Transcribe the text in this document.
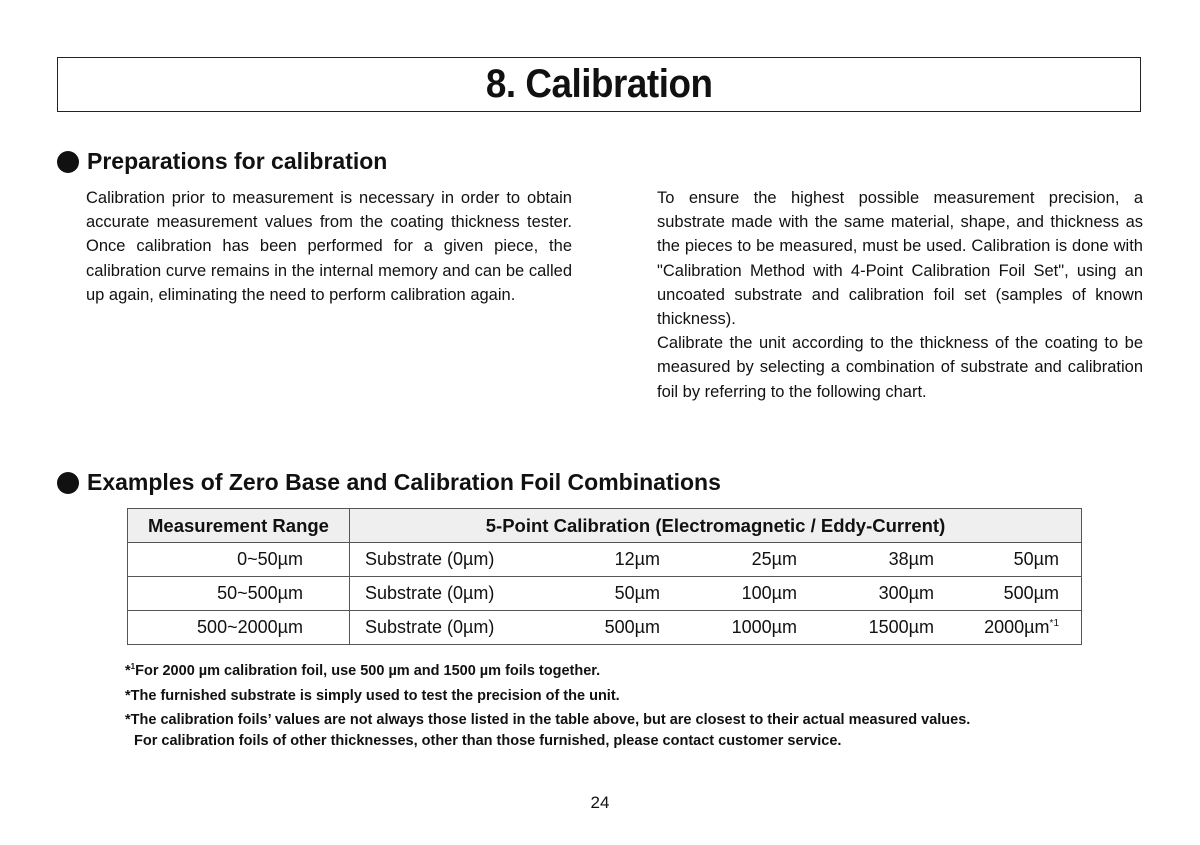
8. Calibration
Preparations for calibration

Calibration prior to measurement is necessary in order to obtain accurate measurement values from the coating thickness tester. Once calibration has been performed for a given piece, the calibration curve remains in the internal memory and can be called up again, eliminating the need to perform calibration again.

To ensure the highest possible measurement precision, a substrate made with the same material, shape, and thickness as the pieces to be measured, must be used. Calibration is done with "Calibration Method with 4-Point Calibration Foil Set", using an uncoated substrate and calibration foil set (samples of known thickness).

Calibrate the unit according to the thickness of the coating to be measured by selecting a combination of substrate and calibration foil by referring to the following chart.

Examples of Zero Base and Calibration Foil Combinations
Measurement Range	5-Point Calibration (Electromagnetic / Eddy-Current)
0~50µm	Substrate (0µm) 12µm 25µm 38µm 50µm

50~500µm	Substrate (0µm) 50µm 100µm 300µm 500µm

500~2000µm	Substrate (0µm) 500µm 1000µm 1500µm 2000µm$^{*1}$
*$^1$For 2000 µm calibration foil, use 500 µm and 1500 µm foils together.
*The furnished substrate is simply used to test the precision of the unit.
*The calibration foils’ values are not always those listed in the table above, but are closest to their actual measured values.
For calibration foils of other thicknesses, other than those furnished, please contact customer service.
24
